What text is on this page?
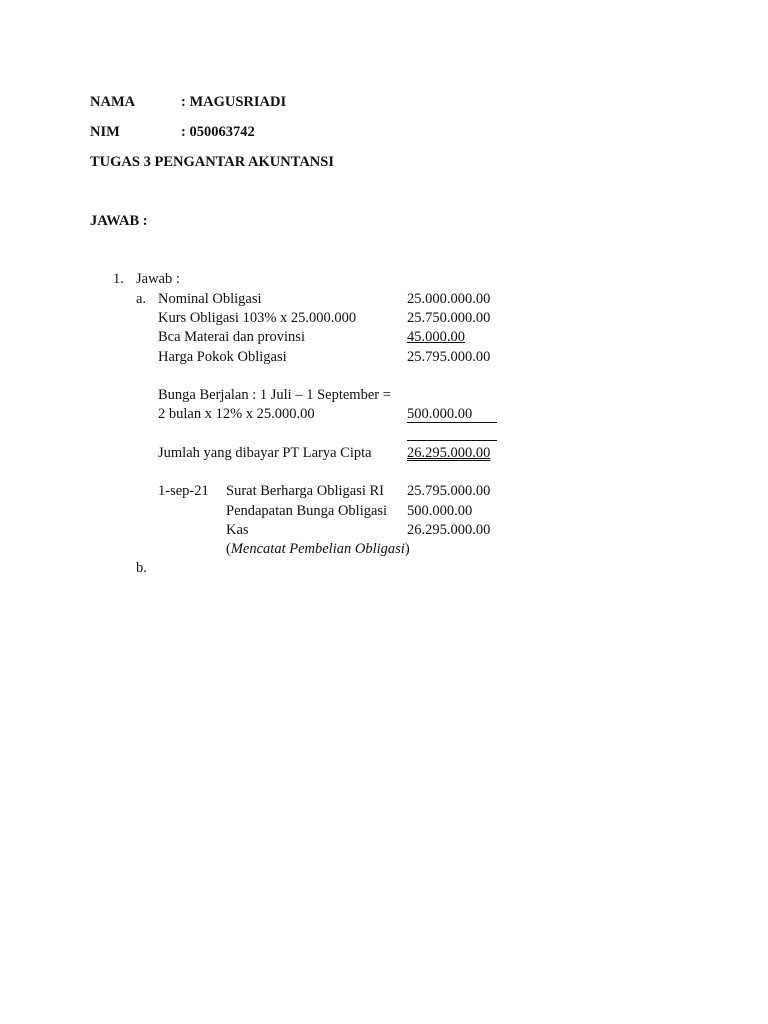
NAMA	: MAGUSRIADI
NIM	: 050063742
TUGAS 3 PENGANTAR AKUNTANSI
JAWAB :
1. Jawab :
a. Nominal Obligasi	25.000.000.00
Kurs Obligasi 103% x 25.000.000	25.750.000.00
Bca Materai dan provinsi	45.000.00
Harga Pokok Obligasi	25.795.000.00
Bunga Berjalan : 1 Juli – 1 September =
2 bulan x 12% x 25.000.00	500.000.00
Jumlah yang dibayar PT Larya Cipta 26.295.000.00
1-sep-21 Surat Berharga Obligasi RI 25.795.000.00
Pendapatan Bunga Obligasi 500.000.00
Kas	26.295.000.00
(Mencatat Pembelian Obligasi)
b.
